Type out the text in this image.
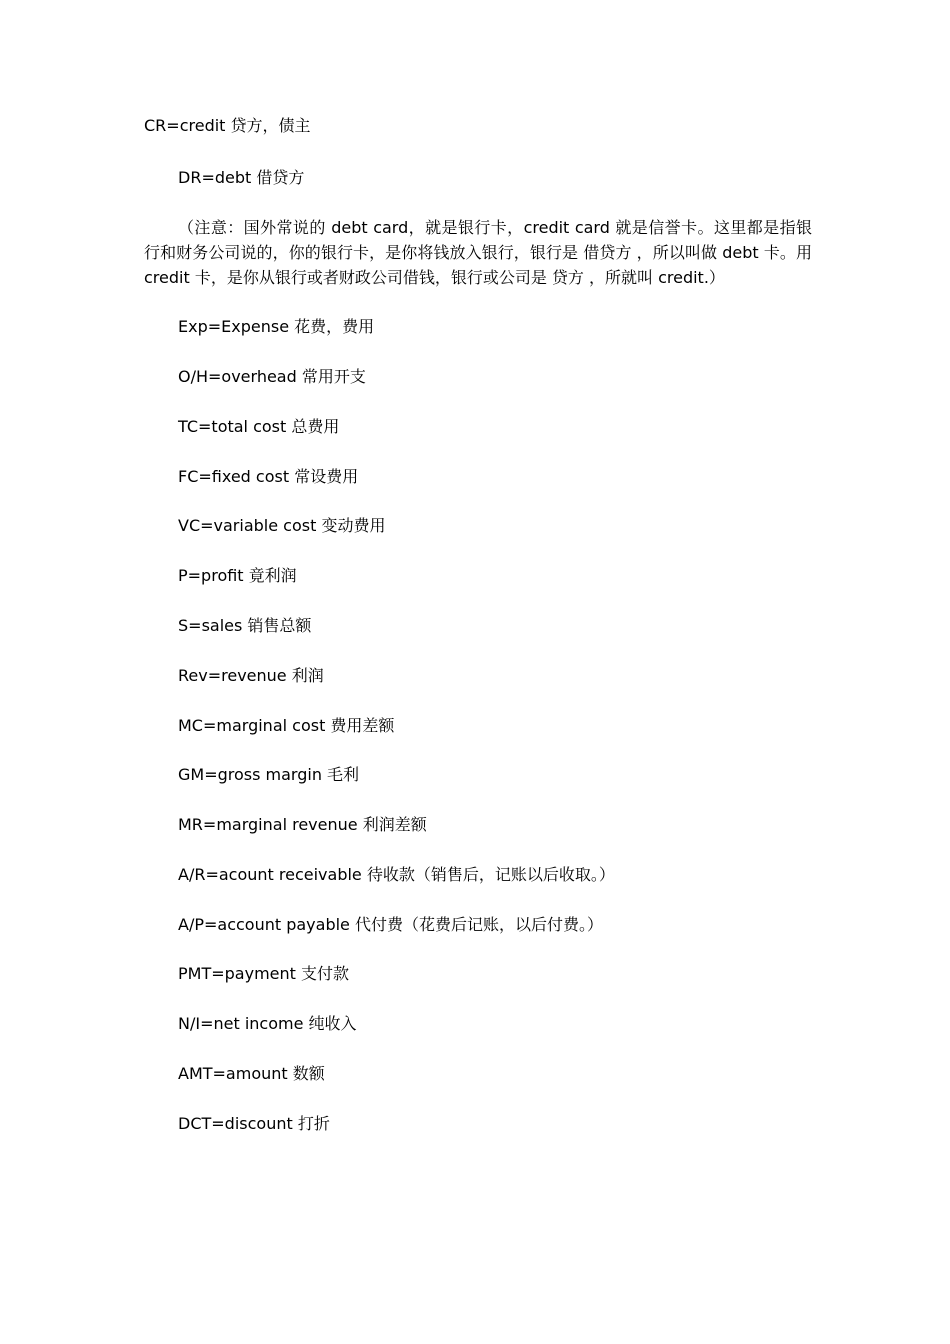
CR=credit 贷方，债主
DR=debt 借贷方
（注意：国外常说的 debt card，就是银行卡，credit card 就是信誉卡。这里都是指银行和财务公司说的，你的银行卡，是你将钱放入银行，银行是 借贷方 ，所以叫做 debt 卡。用 credit 卡，是你从银行或者财政公司借钱，银行或公司是 贷方 ，所就叫 credit.）
Exp=Expense 花费，费用
O/H=overhead 常用开支
TC=total cost 总费用
FC=fixed cost 常设费用
VC=variable cost 变动费用
P=profit 竟利润
S=sales 销售总额
Rev=revenue 利润
MC=marginal cost 费用差额
GM=gross margin 毛利
MR=marginal revenue 利润差额
A/R=acount receivable 待收款（销售后，记账以后收取。）
A/P=account payable 代付费（花费后记账，以后付费。）
PMT=payment 支付款
N/I=net income 纯收入
AMT=amount 数额
DCT=discount 打折
